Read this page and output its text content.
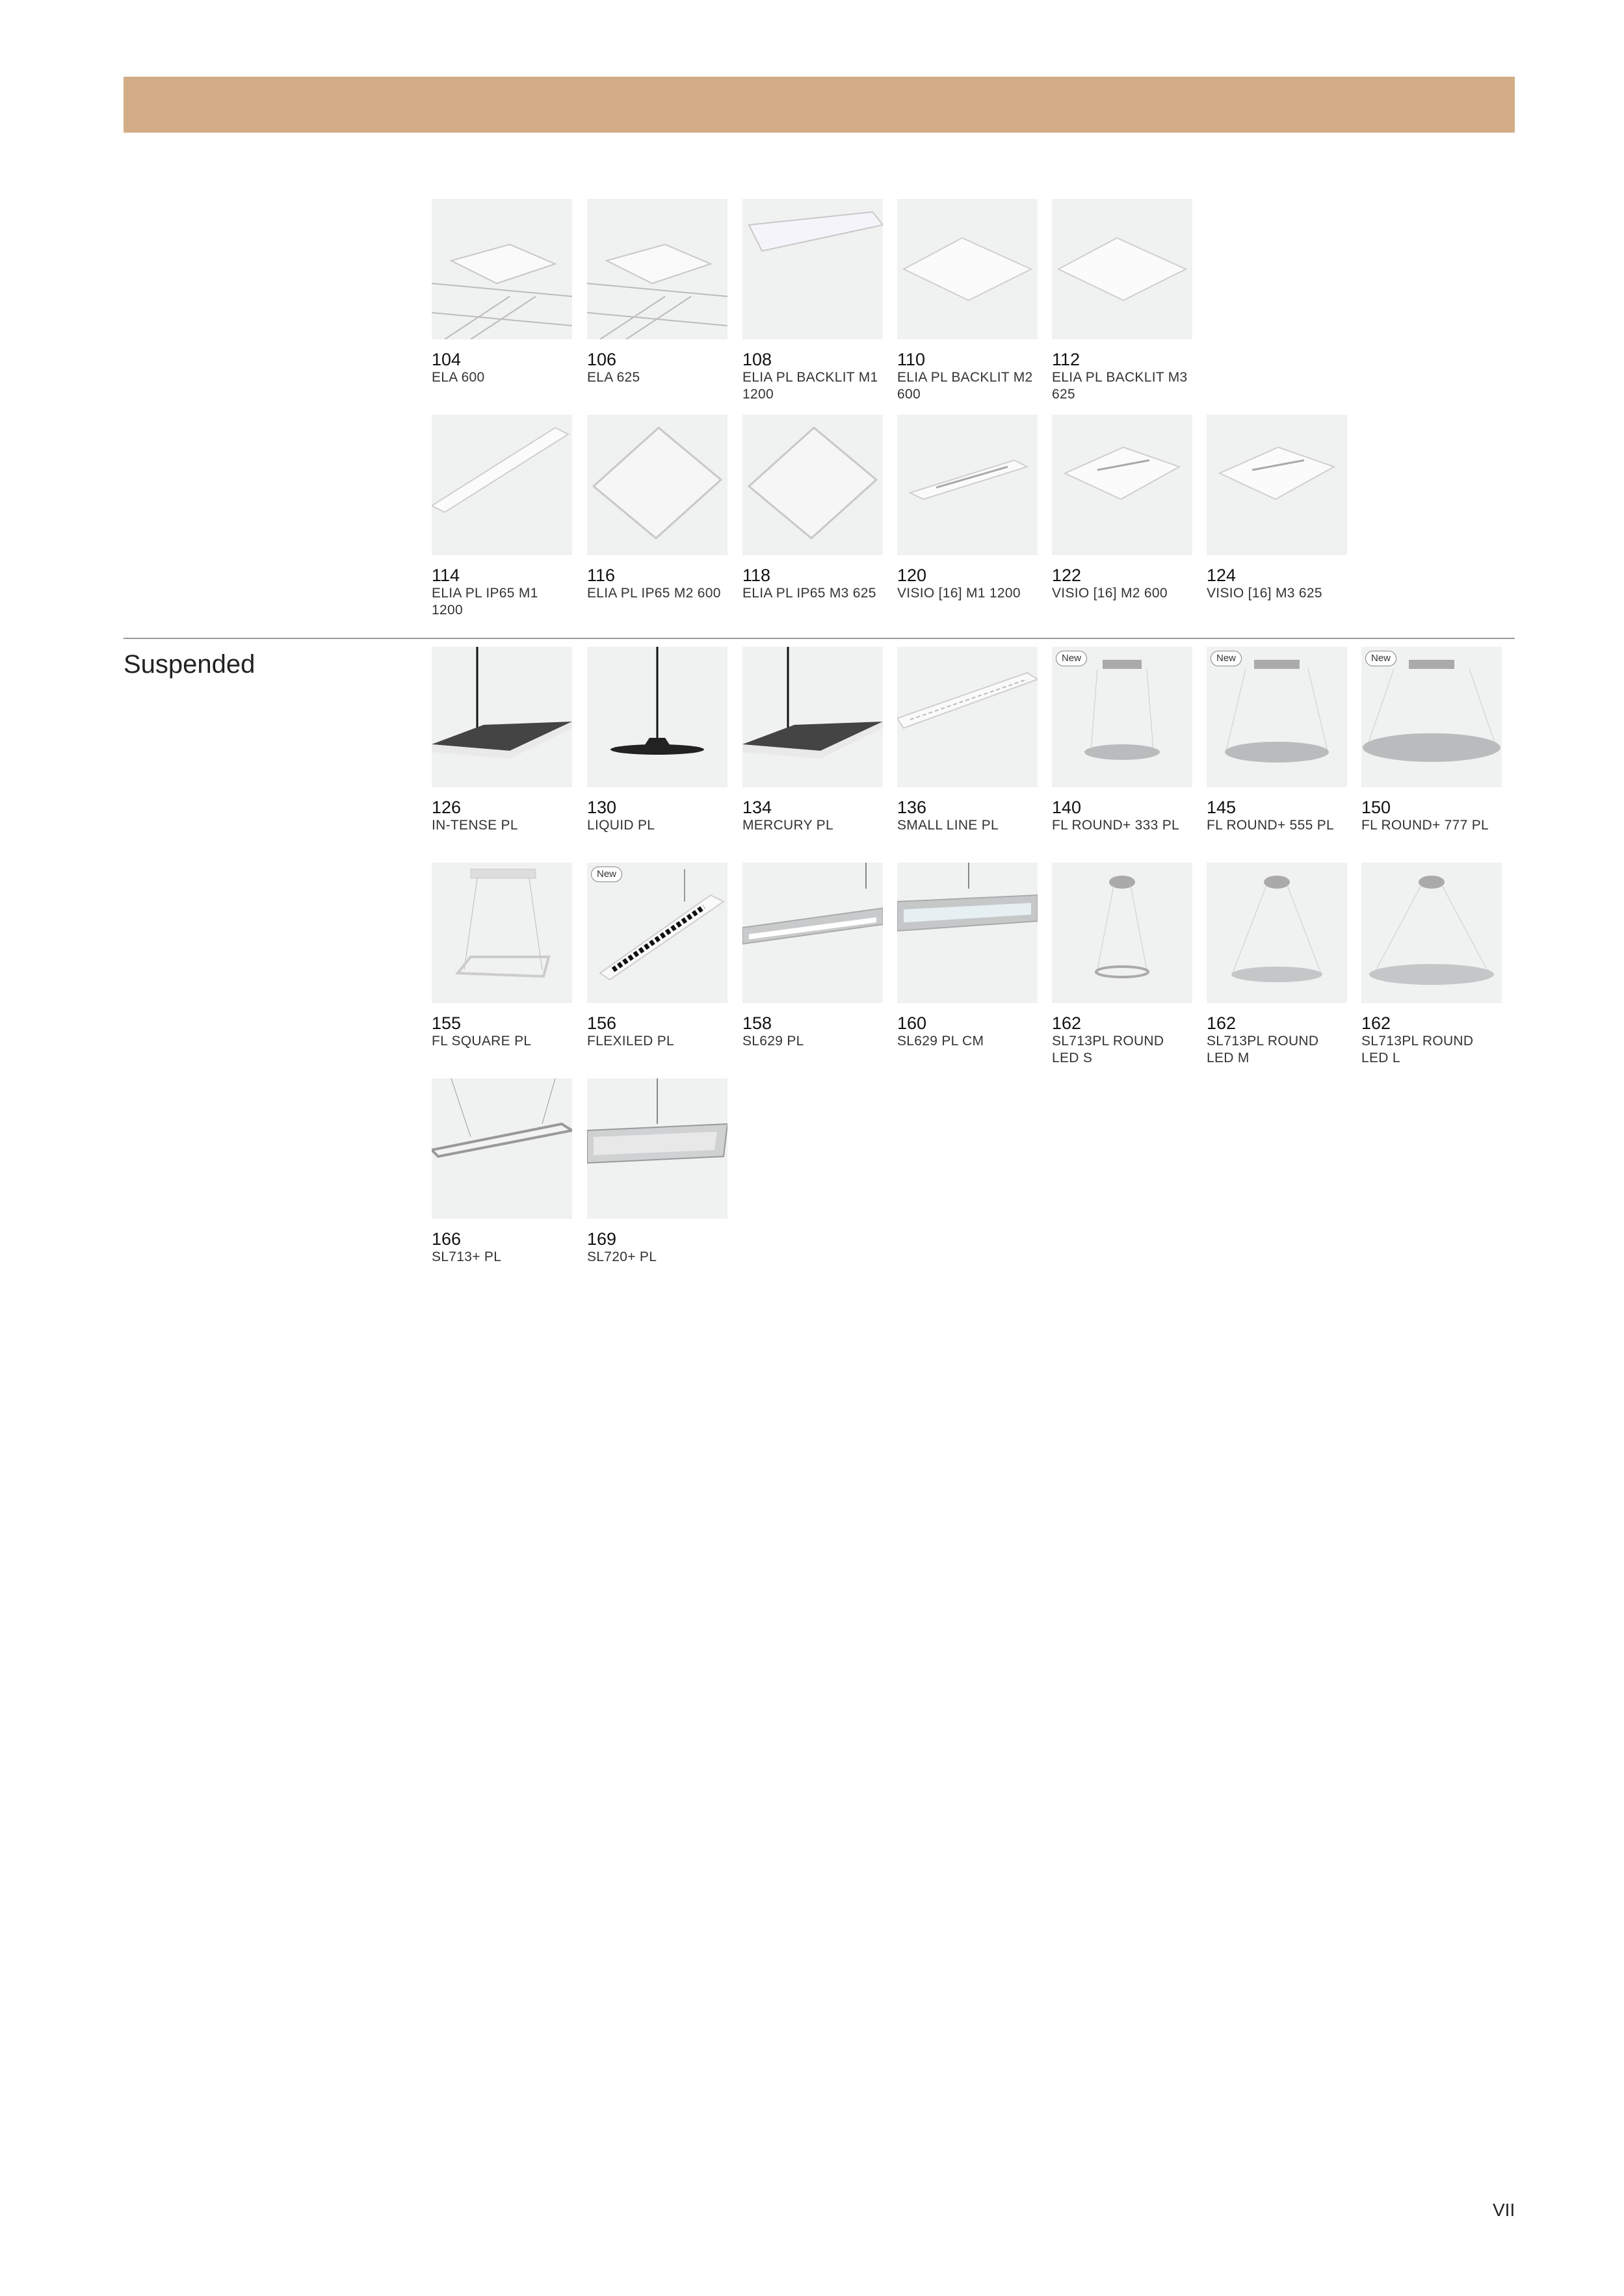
Suspended
104
ELA 600
106
ELA 625
108
ELIA PL BACKLIT M1 1200
110
ELIA PL BACKLIT M2 600
112
ELIA PL BACKLIT M3 625
114
ELIA PL IP65 M1 1200
116
ELIA PL IP65 M2 600
118
ELIA PL IP65 M3 625
120
VISIO [16] M1 1200
122
VISIO [16] M2 600
124
VISIO [16] M3 625
126
IN-TENSE PL
130
LIQUID PL
134
MERCURY PL
136
SMALL LINE PL
New
140
FL ROUND+ 333 PL
New
145
FL ROUND+ 555 PL
New
150
FL ROUND+ 777 PL
155
FL SQUARE PL
New
156
FLEXILED PL
158
SL629 PL
160
SL629 PL CM
162
SL713PL ROUND LED S
162
SL713PL ROUND LED M
162
SL713PL ROUND LED L
166
SL713+ PL
169
SL720+ PL
VII
